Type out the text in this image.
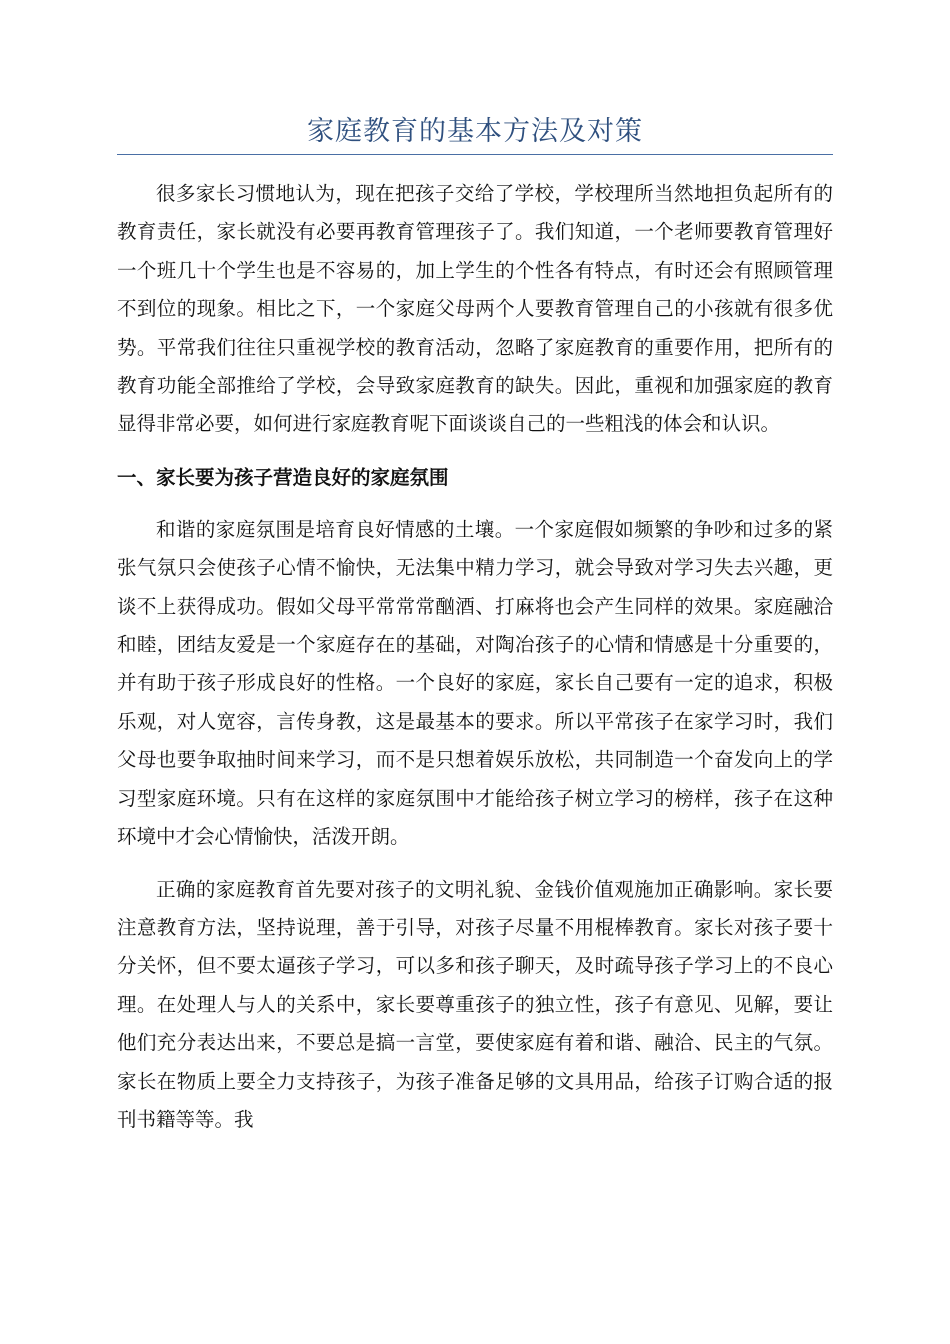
家庭教育的基本方法及对策

很多家长习惯地认为，现在把孩子交给了学校，学校理所当然地担负起所有的教育责任，家长就没有必要再教育管理孩子了。我们知道，一个老师要教育管理好一个班几十个学生也是不容易的，加上学生的个性各有特点，有时还会有照顾管理不到位的现象。相比之下，一个家庭父母两个人要教育管理自己的小孩就有很多优势。平常我们往往只重视学校的教育活动，忽略了家庭教育的重要作用，把所有的教育功能全部推给了学校，会导致家庭教育的缺失。因此，重视和加强家庭的教育显得非常必要，如何进行家庭教育呢下面谈谈自己的一些粗浅的体会和认识。

一、家长要为孩子营造良好的家庭氛围

和谐的家庭氛围是培育良好情感的土壤。一个家庭假如频繁的争吵和过多的紧张气氛只会使孩子心情不愉快，无法集中精力学习，就会导致对学习失去兴趣，更谈不上获得成功。假如父母平常常常酗酒、打麻将也会产生同样的效果。家庭融洽和睦，团结友爱是一个家庭存在的基础，对陶冶孩子的心情和情感是十分重要的，并有助于孩子形成良好的性格。一个良好的家庭，家长自己要有一定的追求，积极乐观，对人宽容，言传身教，这是最基本的要求。所以平常孩子在家学习时，我们父母也要争取抽时间来学习，而不是只想着娱乐放松，共同制造一个奋发向上的学习型家庭环境。只有在这样的家庭氛围中才能给孩子树立学习的榜样，孩子在这种环境中才会心情愉快，活泼开朗。

正确的家庭教育首先要对孩子的文明礼貌、金钱价值观施加正确影响。家长要注意教育方法，坚持说理，善于引导，对孩子尽量不用棍棒教育。家长对孩子要十分关怀，但不要太逼孩子学习，可以多和孩子聊天，及时疏导孩子学习上的不良心理。在处理人与人的关系中，家长要尊重孩子的独立性，孩子有意见、见解，要让他们充分表达出来，不要总是搞一言堂，要使家庭有着和谐、融洽、民主的气氛。家长在物质上要全力支持孩子，为孩子准备足够的文具用品，给孩子订购合适的报刊书籍等等。我
